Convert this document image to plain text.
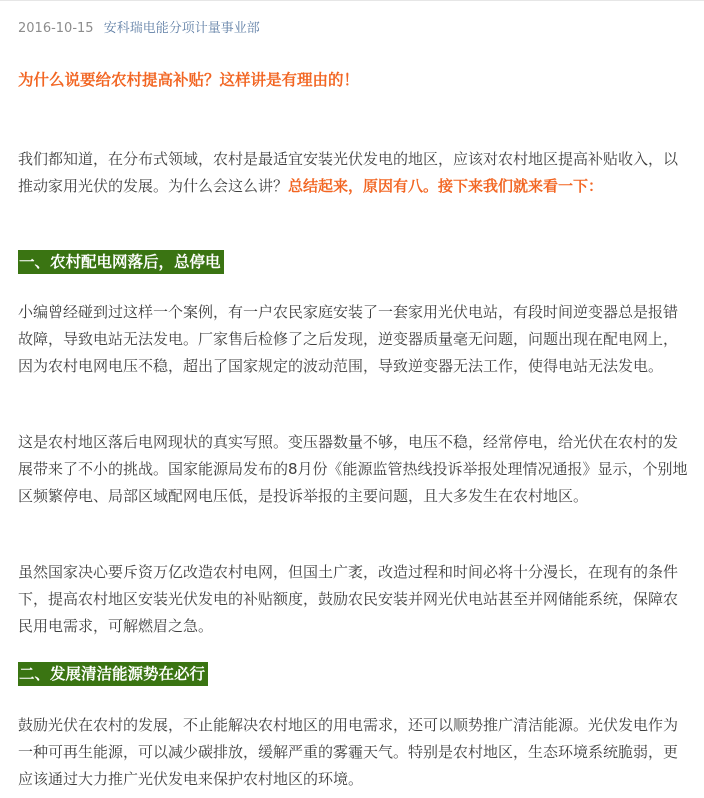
2016-10-15 安科瑞电能分项计量事业部
为什么说要给农村提高补贴？这样讲是有理由的！

我们都知道，在分布式领域，农村是最适宜安装光伏发电的地区，应该对农村地区提高补贴收入，以推动家用光伏的发展。为什么会这么讲？总结起来，原因有八。接下来我们就来看一下：

一、农村配电网落后，总停电

小编曾经碰到过这样一个案例，有一户农民家庭安装了一套家用光伏电站，有段时间逆变器总是报错故障，导致电站无法发电。厂家售后检修了之后发现，逆变器质量毫无问题，问题出现在配电网上，因为农村电网电压不稳，超出了国家规定的波动范围，导致逆变器无法工作，使得电站无法发电。

这是农村地区落后电网现状的真实写照。变压器数量不够，电压不稳，经常停电，给光伏在农村的发展带来了不小的挑战。国家能源局发布的8月份《能源监管热线投诉举报处理情况通报》显示，个别地区频繁停电、局部区域配网电压低，是投诉举报的主要问题，且大多发生在农村地区。

虽然国家决心要斥资万亿改造农村电网，但国土广袤，改造过程和时间必将十分漫长，在现有的条件下，提高农村地区安装光伏发电的补贴额度，鼓励农民安装并网光伏电站甚至并网储能系统，保障农民用电需求，可解燃眉之急。

二、发展清洁能源势在必行

鼓励光伏在农村的发展，不止能解决农村地区的用电需求，还可以顺势推广清洁能源。光伏发电作为一种可再生能源，可以减少碳排放，缓解严重的雾霾天气。特别是农村地区，生态环境系统脆弱，更应该通过大力推广光伏发电来保护农村地区的环境。
